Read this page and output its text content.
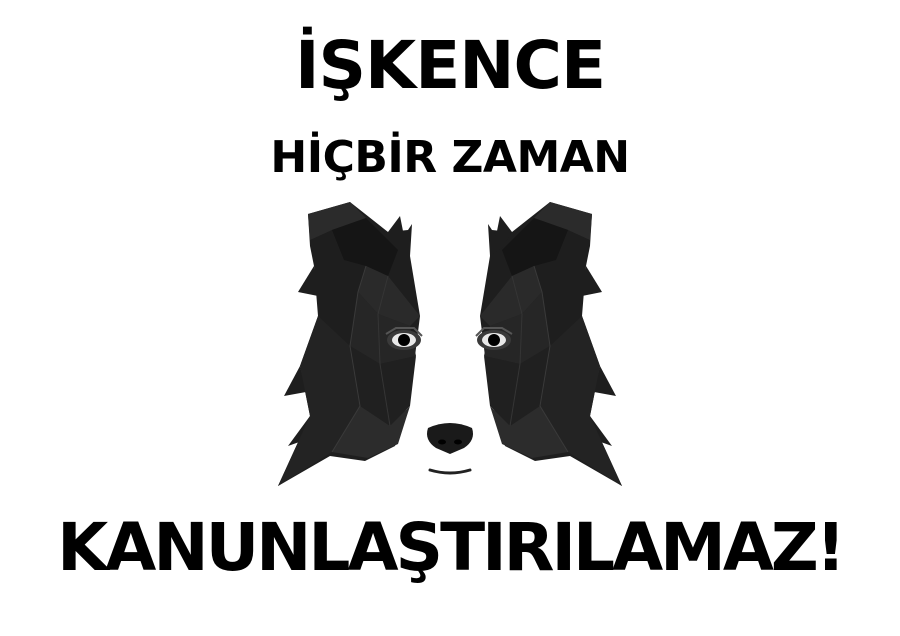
İŞKENCE
HİÇBİR ZAMAN
KANUNLAŞTIRILAMAZ!
